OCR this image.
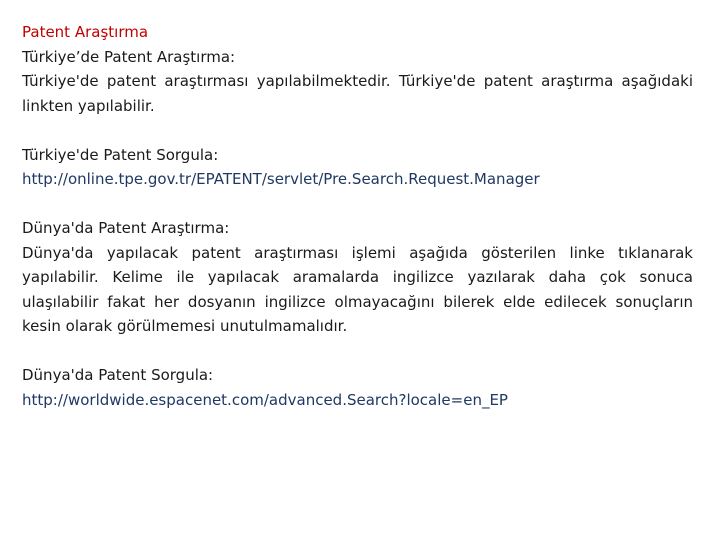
Patent Araştırma
Türkiye’de Patent Araştırma:

Türkiye'de patent araştırması yapılabilmektedir. Türkiye'de patent araştırma aşağıdaki linkten yapılabilir.

Türkiye'de Patent Sorgula:
http://online.tpe.gov.tr/EPATENT/servlet/Pre.Search.Request.Manager
Dünya'da Patent Araştırma:

Dünya'da yapılacak patent araştırması işlemi aşağıda gösterilen linke tıklanarak yapılabilir. Kelime ile yapılacak aramalarda ingilizce yazılarak daha çok sonuca ulaşılabilir fakat her dosyanın ingilizce olmayacağını bilerek elde edilecek sonuçların kesin olarak görülmemesi unutulmamalıdır.

Dünya'da Patent Sorgula:
http://worldwide.espacenet.com/advanced.Search?locale=en_EP
